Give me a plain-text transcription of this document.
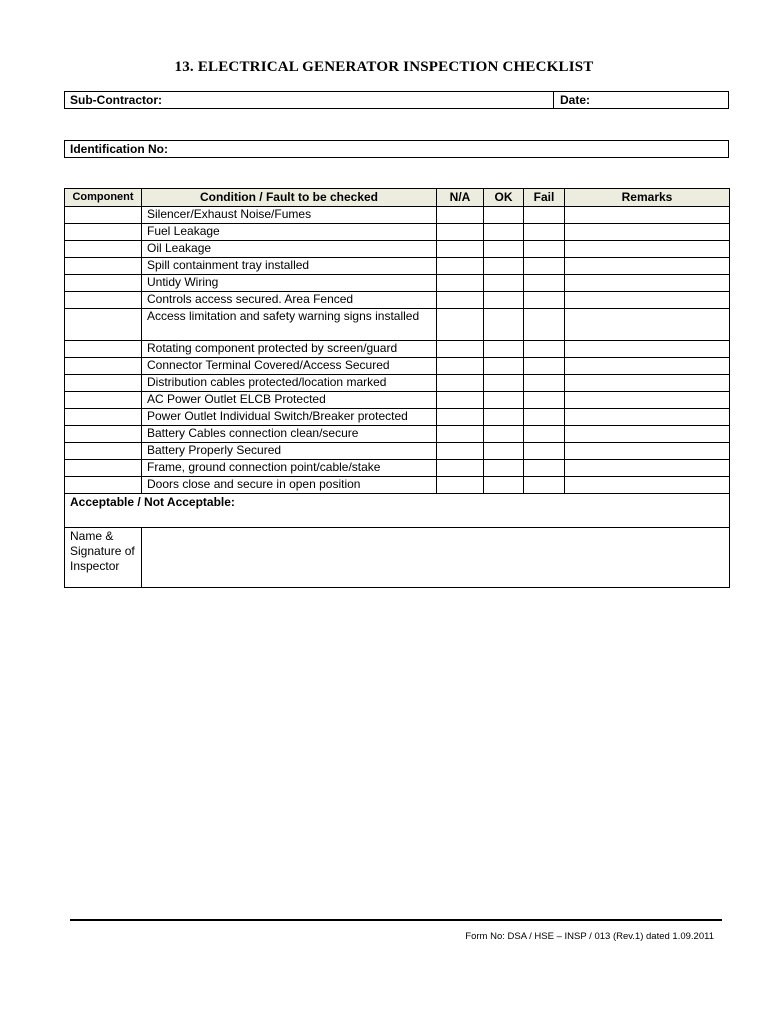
13. ELECTRICAL GENERATOR INSPECTION CHECKLIST
Sub-Contractor:	Date:
Identification No:
Component	Condition / Fault to be checked	N/A	OK	Fail	Remarks
	Silencer/Exhaust Noise/Fumes				
	Fuel Leakage				
	Oil Leakage				
	Spill containment tray installed				
	Untidy Wiring				
	Controls access secured. Area Fenced				
	Access limitation and safety warning signs installed				
	Rotating component protected by screen/guard				
	Connector Terminal Covered/Access Secured				
	Distribution cables protected/location marked				
	AC Power Outlet ELCB Protected				
	Power Outlet Individual Switch/Breaker protected				
	Battery Cables connection clean/secure				
	Battery Properly Secured				
	Frame, ground connection point/cable/stake				
	Doors close and secure in open position				
Acceptable / Not Acceptable:					
Name & Signature of Inspector					
Form No: DSA / HSE – INSP / 013 (Rev.1) dated 1.09.2011
